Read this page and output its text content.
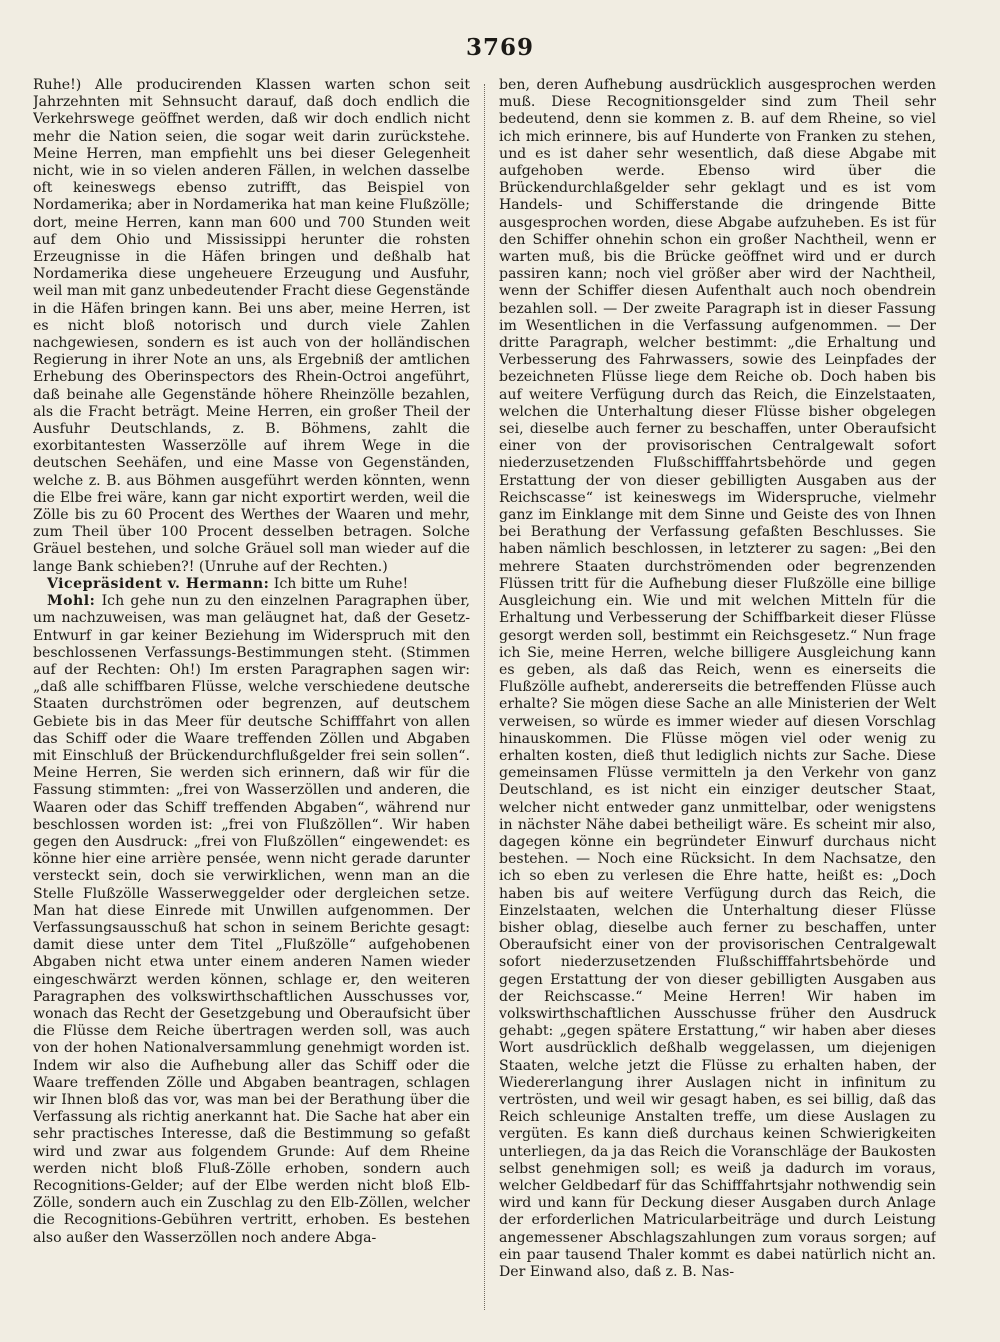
3769

Ruhe!) Alle producirenden Klassen warten schon seit Jahrzehnten mit Sehnsucht darauf, daß doch endlich die Verkehrswege geöffnet werden, daß wir doch endlich nicht mehr die Nation seien, die sogar weit darin zurückstehe. Meine Herren, man empfiehlt uns bei dieser Gelegenheit nicht, wie in so vielen anderen Fällen, in welchen dasselbe oft keineswegs ebenso zutrifft, das Beispiel von Nordamerika; aber in Nordamerika hat man keine Flußzölle; dort, meine Herren, kann man 600 und 700 Stunden weit auf dem Ohio und Mississippi herunter die rohsten Erzeugnisse in die Häfen bringen und deßhalb hat Nordamerika diese ungeheuere Erzeugung und Ausfuhr, weil man mit ganz unbedeutender Fracht diese Gegenstände in die Häfen bringen kann. Bei uns aber, meine Herren, ist es nicht bloß notorisch und durch viele Zahlen nachgewiesen, sondern es ist auch von der holländischen Regierung in ihrer Note an uns, als Ergebniß der amtlichen Erhebung des Oberinspectors des Rhein-Octroi angeführt, daß beinahe alle Gegenstände höhere Rheinzölle bezahlen, als die Fracht beträgt. Meine Herren, ein großer Theil der Ausfuhr Deutschlands, z. B. Böhmens, zahlt die exorbitantesten Wasserzölle auf ihrem Wege in die deutschen Seehäfen, und eine Masse von Gegenständen, welche z. B. aus Böhmen ausgeführt werden könnten, wenn die Elbe frei wäre, kann gar nicht exportirt werden, weil die Zölle bis zu 60 Procent des Werthes der Waaren und mehr, zum Theil über 100 Procent desselben betragen. Solche Gräuel bestehen, und solche Gräuel soll man wieder auf die lange Bank schieben?! (Unruhe auf der Rechten.)

Vicepräsident v. Hermann: Ich bitte um Ruhe!

Mohl: Ich gehe nun zu den einzelnen Paragraphen über, um nachzuweisen, was man geläugnet hat, daß der Gesetz-Entwurf in gar keiner Beziehung im Widerspruch mit den beschlossenen Verfassungs-Bestimmungen steht. (Stimmen auf der Rechten: Oh!) Im ersten Paragraphen sagen wir: „daß alle schiffbaren Flüsse, welche verschiedene deutsche Staaten durchströmen oder begrenzen, auf deutschem Gebiete bis in das Meer für deutsche Schifffahrt von allen das Schiff oder die Waare treffenden Zöllen und Abgaben mit Einschluß der Brückendurchflußgelder frei sein sollen“. Meine Herren, Sie werden sich erinnern, daß wir für die Fassung stimmten: „frei von Wasserzöllen und anderen, die Waaren oder das Schiff treffenden Abgaben“, während nur beschlossen worden ist: „frei von Flußzöllen“. Wir haben gegen den Ausdruck: „frei von Flußzöllen“ eingewendet: es könne hier eine arrière pensée, wenn nicht gerade darunter versteckt sein, doch sie verwirklichen, wenn man an die Stelle Flußzölle Wasserweggelder oder dergleichen setze. Man hat diese Einrede mit Unwillen aufgenommen. Der Verfassungsausschuß hat schon in seinem Berichte gesagt: damit diese unter dem Titel „Flußzölle“ aufgehobenen Abgaben nicht etwa unter einem anderen Namen wieder eingeschwärzt werden können, schlage er, den weiteren Paragraphen des volkswirthschaftlichen Ausschusses vor, wonach das Recht der Gesetzgebung und Oberaufsicht über die Flüsse dem Reiche übertragen werden soll, was auch von der hohen Nationalversammlung genehmigt worden ist. Indem wir also die Aufhebung aller das Schiff oder die Waare treffenden Zölle und Abgaben beantragen, schlagen wir Ihnen bloß das vor, was man bei der Berathung über die Verfassung als richtig anerkannt hat. Die Sache hat aber ein sehr practisches Interesse, daß die Bestimmung so gefaßt wird und zwar aus folgendem Grunde: Auf dem Rheine werden nicht bloß Fluß-Zölle erhoben, sondern auch Recognitions-Gelder; auf der Elbe werden nicht bloß Elb-Zölle, sondern auch ein Zuschlag zu den Elb-Zöllen, welcher die Recognitions-Gebühren vertritt, erhoben. Es bestehen also außer den Wasserzöllen noch andere Abga-

ben, deren Aufhebung ausdrücklich ausgesprochen werden muß. Diese Recognitionsgelder sind zum Theil sehr bedeutend, denn sie kommen z. B. auf dem Rheine, so viel ich mich erinnere, bis auf Hunderte von Franken zu stehen, und es ist daher sehr wesentlich, daß diese Abgabe mit aufgehoben werde. Ebenso wird über die Brückendurchlaßgelder sehr geklagt und es ist vom Handels- und Schifferstande die dringende Bitte ausgesprochen worden, diese Abgabe aufzuheben. Es ist für den Schiffer ohnehin schon ein großer Nachtheil, wenn er warten muß, bis die Brücke geöffnet wird und er durch passiren kann; noch viel größer aber wird der Nachtheil, wenn der Schiffer diesen Aufenthalt auch noch obendrein bezahlen soll. — Der zweite Paragraph ist in dieser Fassung im Wesentlichen in die Verfassung aufgenommen. — Der dritte Paragraph, welcher bestimmt: „die Erhaltung und Verbesserung des Fahrwassers, sowie des Leinpfades der bezeichneten Flüsse liege dem Reiche ob. Doch haben bis auf weitere Verfügung durch das Reich, die Einzelstaaten, welchen die Unterhaltung dieser Flüsse bisher obgelegen sei, dieselbe auch ferner zu beschaffen, unter Oberaufsicht einer von der provisorischen Centralgewalt sofort niederzusetzenden Flußschifffahrtsbehörde und gegen Erstattung der von dieser gebilligten Ausgaben aus der Reichscasse“ ist keineswegs im Widerspruche, vielmehr ganz im Einklange mit dem Sinne und Geiste des von Ihnen bei Berathung der Verfassung gefaßten Beschlusses. Sie haben nämlich beschlossen, in letzterer zu sagen: „Bei den mehrere Staaten durchströmenden oder begrenzenden Flüssen tritt für die Aufhebung dieser Flußzölle eine billige Ausgleichung ein. Wie und mit welchen Mitteln für die Erhaltung und Verbesserung der Schiffbarkeit dieser Flüsse gesorgt werden soll, bestimmt ein Reichsgesetz.“ Nun frage ich Sie, meine Herren, welche billigere Ausgleichung kann es geben, als daß das Reich, wenn es einerseits die Flußzölle aufhebt, andererseits die betreffenden Flüsse auch erhalte? Sie mögen diese Sache an alle Ministerien der Welt verweisen, so würde es immer wieder auf diesen Vorschlag hinauskommen. Die Flüsse mögen viel oder wenig zu erhalten kosten, dieß thut lediglich nichts zur Sache. Diese gemeinsamen Flüsse vermitteln ja den Verkehr von ganz Deutschland, es ist nicht ein einziger deutscher Staat, welcher nicht entweder ganz unmittelbar, oder wenigstens in nächster Nähe dabei betheiligt wäre. Es scheint mir also, dagegen könne ein begründeter Einwurf durchaus nicht bestehen. — Noch eine Rücksicht. In dem Nachsatze, den ich so eben zu verlesen die Ehre hatte, heißt es: „Doch haben bis auf weitere Verfügung durch das Reich, die Einzelstaaten, welchen die Unterhaltung dieser Flüsse bisher oblag, dieselbe auch ferner zu beschaffen, unter Oberaufsicht einer von der provisorischen Centralgewalt sofort niederzusetzenden Flußschifffahrtsbehörde und gegen Erstattung der von dieser gebilligten Ausgaben aus der Reichscasse.“ Meine Herren! Wir haben im volkswirthschaftlichen Ausschusse früher den Ausdruck gehabt: „gegen spätere Erstattung,“ wir haben aber dieses Wort ausdrücklich deßhalb weggelassen, um diejenigen Staaten, welche jetzt die Flüsse zu erhalten haben, der Wiedererlangung ihrer Auslagen nicht in infinitum zu vertrösten, und weil wir gesagt haben, es sei billig, daß das Reich schleunige Anstalten treffe, um diese Auslagen zu vergüten. Es kann dieß durchaus keinen Schwierigkeiten unterliegen, da ja das Reich die Voranschläge der Baukosten selbst genehmigen soll; es weiß ja dadurch im voraus, welcher Geldbedarf für das Schifffahrtsjahr nothwendig sein wird und kann für Deckung dieser Ausgaben durch Anlage der erforderlichen Matricularbeiträge und durch Leistung angemessener Abschlagszahlungen zum voraus sorgen; auf ein paar tausend Thaler kommt es dabei natürlich nicht an. Der Einwand also, daß z. B. Nas-
